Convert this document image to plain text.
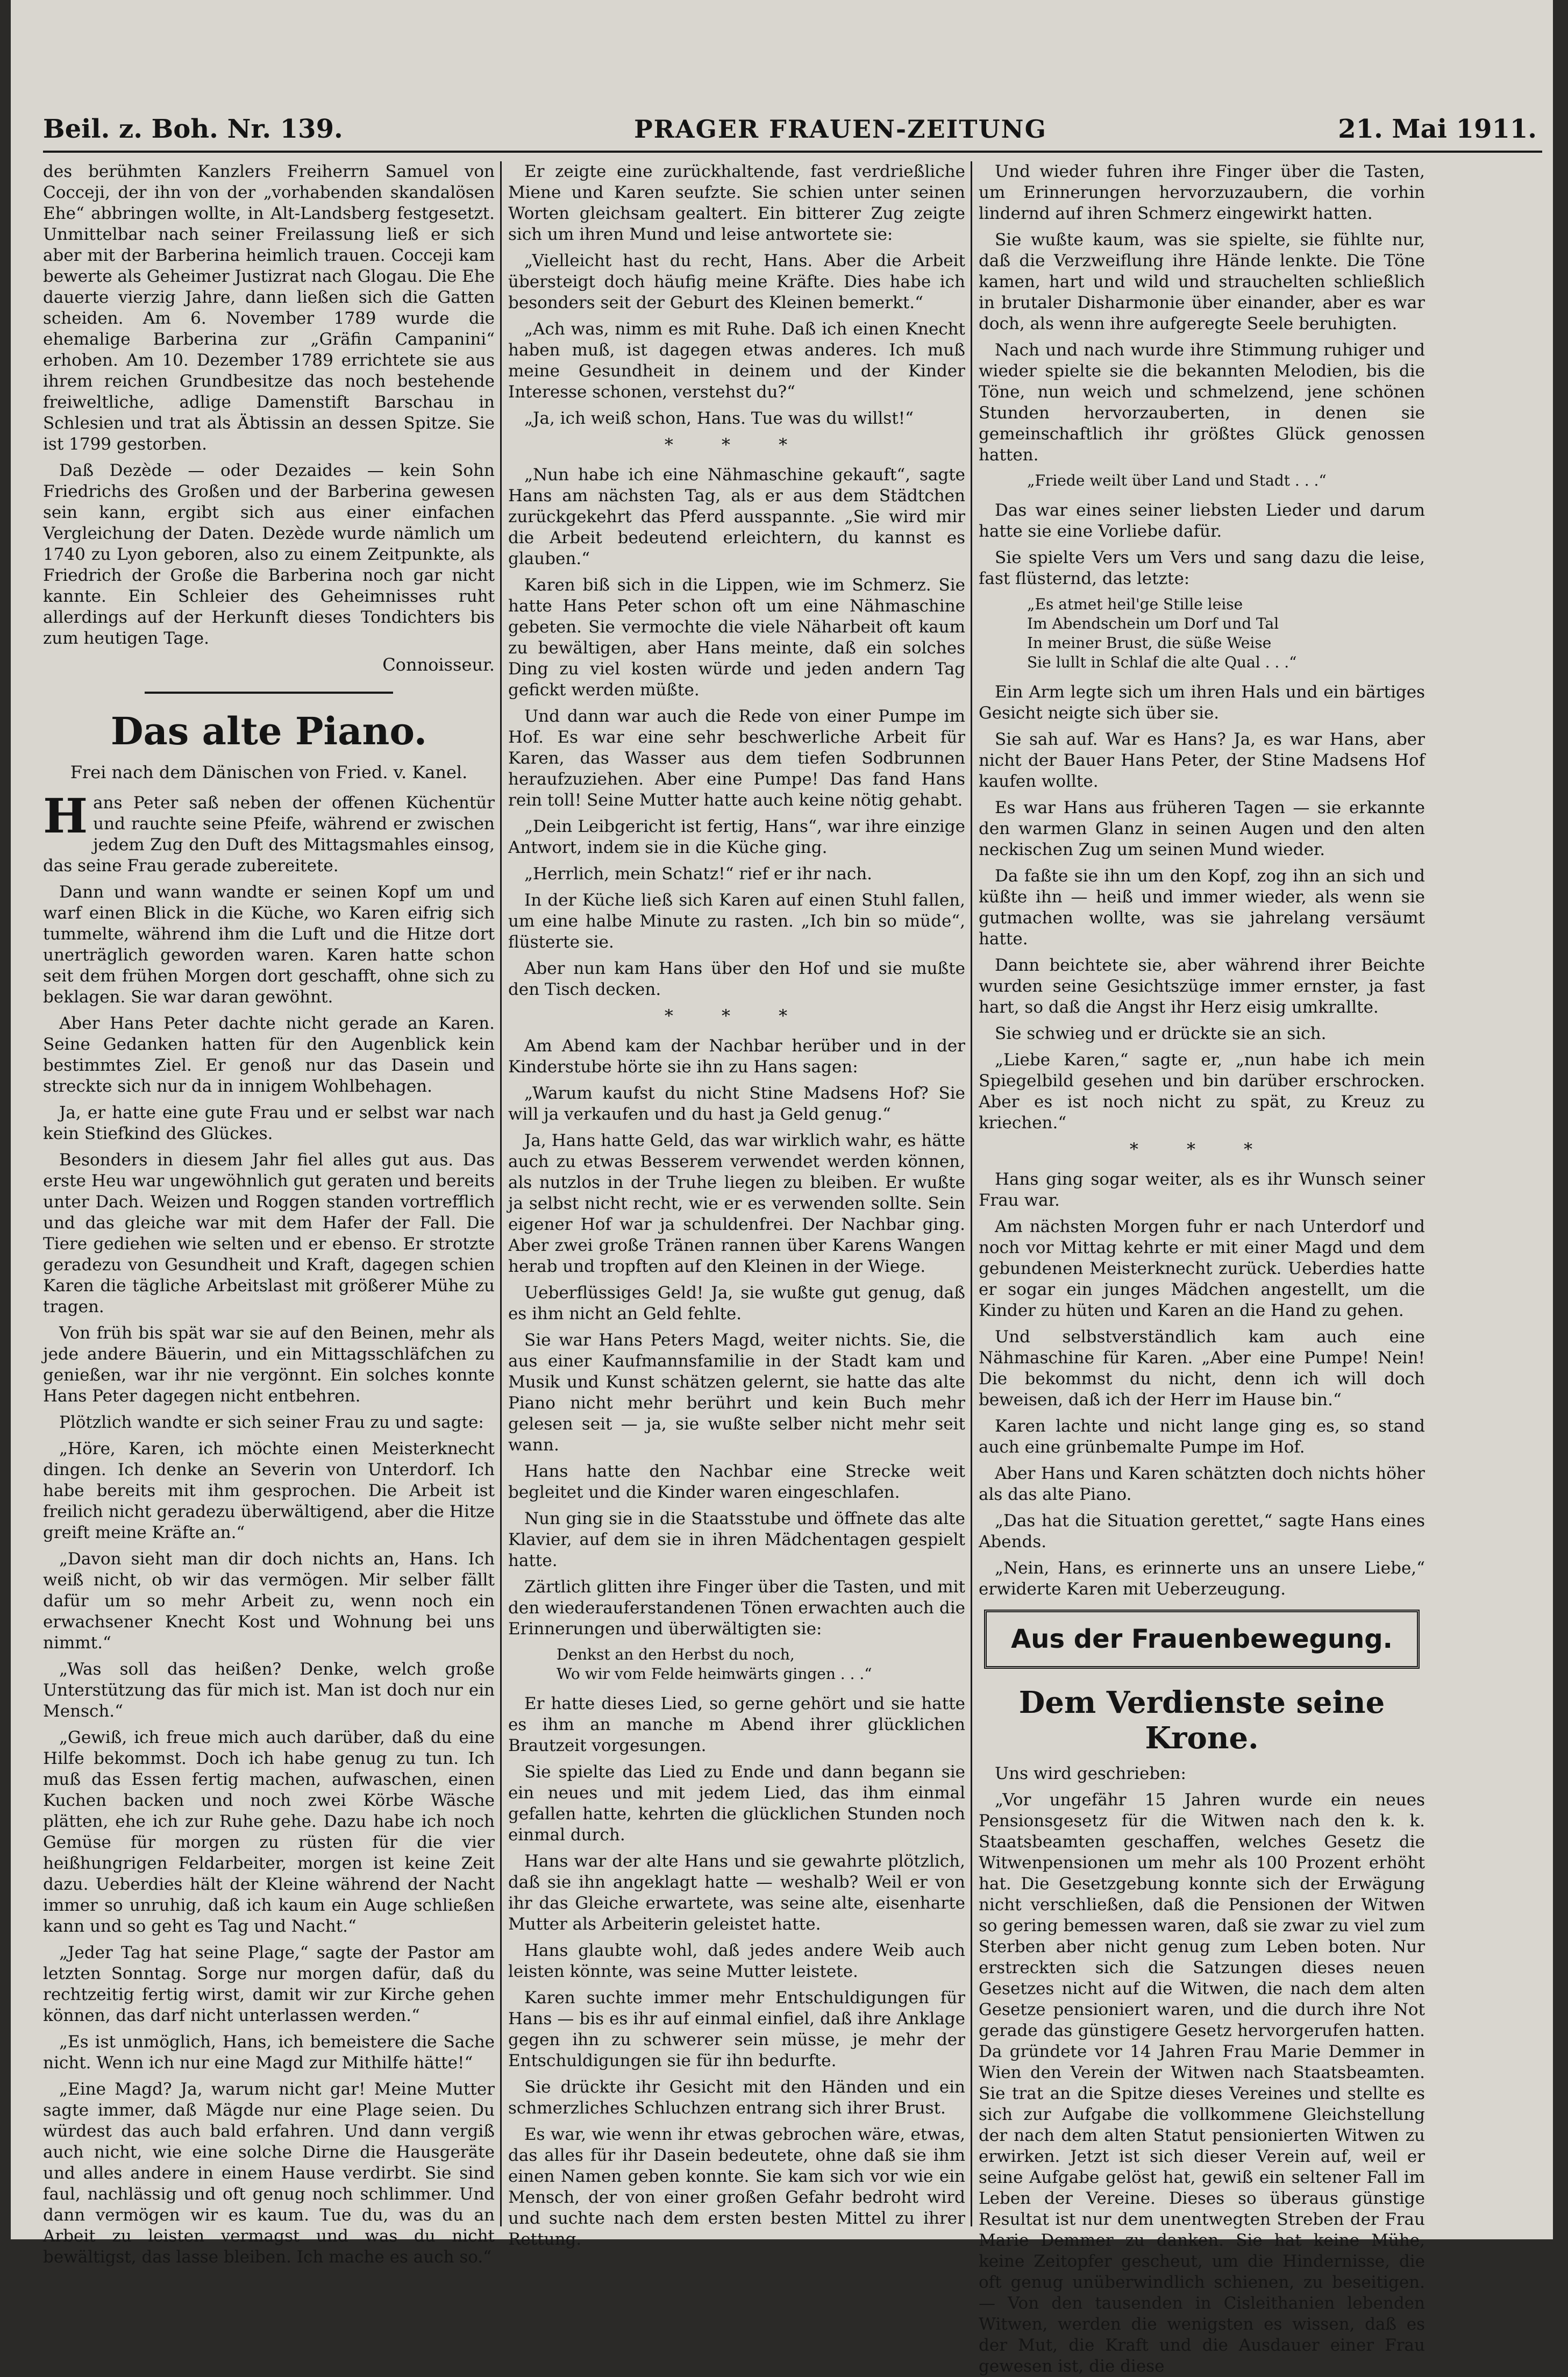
Beil. z. Boh. Nr. 139.	PRAGER FRAUEN-ZEITUNG	21. Mai 1911.

des berühmten Kanzlers Freiherrn Samuel von Cocceji, der ihn von der „vorhabenden skandalösen Ehe“ abbringen wollte, in Alt-Landsberg festgesetzt. Unmittelbar nach seiner Freilassung ließ er sich aber mit der Barberina heimlich trauen. Cocceji kam bewerte als Geheimer Justizrat nach Glogau. Die Ehe dauerte vierzig Jahre, dann ließen sich die Gatten scheiden. Am 6. November 1789 wurde die ehemalige Barberina zur „Gräfin Campanini“ erhoben. Am 10. Dezember 1789 errichtete sie aus ihrem reichen Grundbesitze das noch bestehende freiweltliche, adlige Damenstift Barschau in Schlesien und trat als Äbtissin an dessen Spitze. Sie ist 1799 gestorben.

Daß Dezède — oder Dezaides — kein Sohn Friedrichs des Großen und der Barberina gewesen sein kann, ergibt sich aus einer einfachen Vergleichung der Daten. Dezède wurde nämlich um 1740 zu Lyon geboren, also zu einem Zeitpunkte, als Friedrich der Große die Barberina noch gar nicht kannte. Ein Schleier des Geheimnisses ruht allerdings auf der Herkunft dieses Tondichters bis zum heutigen Tage.

Connoisseur.

Das alte Piano.

Frei nach dem Dänischen von Fried. v. Kanel.

Hans Peter saß neben der offenen Küchentür und rauchte seine Pfeife, während er zwischen jedem Zug den Duft des Mittagsmahles einsog, das seine Frau gerade zubereitete.

Dann und wann wandte er seinen Kopf um und warf einen Blick in die Küche, wo Karen eifrig sich tummelte, während ihm die Luft und die Hitze dort unerträglich geworden waren. Karen hatte schon seit dem frühen Morgen dort geschafft, ohne sich zu beklagen. Sie war daran gewöhnt.

Aber Hans Peter dachte nicht gerade an Karen. Seine Gedanken hatten für den Augenblick kein bestimmtes Ziel. Er genoß nur das Dasein und streckte sich nur da in innigem Wohlbehagen.

Ja, er hatte eine gute Frau und er selbst war nach kein Stiefkind des Glückes.

Besonders in diesem Jahr fiel alles gut aus. Das erste Heu war ungewöhnlich gut geraten und bereits unter Dach. Weizen und Roggen standen vortrefflich und das gleiche war mit dem Hafer der Fall. Die Tiere gediehen wie selten und er ebenso. Er strotzte geradezu von Gesundheit und Kraft, dagegen schien Karen die tägliche Arbeitslast mit größerer Mühe zu tragen.

Von früh bis spät war sie auf den Beinen, mehr als jede andere Bäuerin, und ein Mittagsschläfchen zu genießen, war ihr nie vergönnt. Ein solches konnte Hans Peter dagegen nicht entbehren.

Plötzlich wandte er sich seiner Frau zu und sagte:

„Höre, Karen, ich möchte einen Meisterknecht dingen. Ich denke an Severin von Unterdorf. Ich habe bereits mit ihm gesprochen. Die Arbeit ist freilich nicht geradezu überwältigend, aber die Hitze greift meine Kräfte an.“

„Davon sieht man dir doch nichts an, Hans. Ich weiß nicht, ob wir das vermögen. Mir selber fällt dafür um so mehr Arbeit zu, wenn noch ein erwachsener Knecht Kost und Wohnung bei uns nimmt.“

„Was soll das heißen? Denke, welch große Unterstützung das für mich ist. Man ist doch nur ein Mensch.“

„Gewiß, ich freue mich auch darüber, daß du eine Hilfe bekommst. Doch ich habe genug zu tun. Ich muß das Essen fertig machen, aufwaschen, einen Kuchen backen und noch zwei Körbe Wäsche plätten, ehe ich zur Ruhe gehe. Dazu habe ich noch Gemüse für morgen zu rüsten für die vier heißhungrigen Feldarbeiter, morgen ist keine Zeit dazu. Ueberdies hält der Kleine während der Nacht immer so unruhig, daß ich kaum ein Auge schließen kann und so geht es Tag und Nacht.“

„Jeder Tag hat seine Plage,“ sagte der Pastor am letzten Sonntag. Sorge nur morgen dafür, daß du rechtzeitig fertig wirst, damit wir zur Kirche gehen können, das darf nicht unterlassen werden.“

„Es ist unmöglich, Hans, ich bemeistere die Sache nicht. Wenn ich nur eine Magd zur Mithilfe hätte!“

„Eine Magd? Ja, warum nicht gar! Meine Mutter sagte immer, daß Mägde nur eine Plage seien. Du würdest das auch bald erfahren. Und dann vergiß auch nicht, wie eine solche Dirne die Hausgeräte und alles andere in einem Hause verdirbt. Sie sind faul, nachlässig und oft genug noch schlimmer. Und dann vermögen wir es kaum. Tue du, was du an Arbeit zu leisten vermagst und was du nicht bewältigst, das lasse bleiben. Ich mache es auch so.“

Er zeigte eine zurückhaltende, fast verdrießliche Miene und Karen seufzte. Sie schien unter seinen Worten gleichsam gealtert. Ein bitterer Zug zeigte sich um ihren Mund und leise antwortete sie:

„Vielleicht hast du recht, Hans. Aber die Arbeit übersteigt doch häufig meine Kräfte. Dies habe ich besonders seit der Geburt des Kleinen bemerkt.“

„Ach was, nimm es mit Ruhe. Daß ich einen Knecht haben muß, ist dagegen etwas anderes. Ich muß meine Gesundheit in deinem und der Kinder Interesse schonen, verstehst du?“

„Ja, ich weiß schon, Hans. Tue was du willst!“

* * *

„Nun habe ich eine Nähmaschine gekauft“, sagte Hans am nächsten Tag, als er aus dem Städtchen zurückgekehrt das Pferd ausspannte. „Sie wird mir die Arbeit bedeutend erleichtern, du kannst es glauben.“

Karen biß sich in die Lippen, wie im Schmerz. Sie hatte Hans Peter schon oft um eine Nähmaschine gebeten. Sie vermochte die viele Näharbeit oft kaum zu bewältigen, aber Hans meinte, daß ein solches Ding zu viel kosten würde und jeden andern Tag gefickt werden müßte.

Und dann war auch die Rede von einer Pumpe im Hof. Es war eine sehr beschwerliche Arbeit für Karen, das Wasser aus dem tiefen Sodbrunnen heraufzuziehen. Aber eine Pumpe! Das fand Hans rein toll! Seine Mutter hatte auch keine nötig gehabt.

„Dein Leibgericht ist fertig, Hans“, war ihre einzige Antwort, indem sie in die Küche ging.

„Herrlich, mein Schatz!“ rief er ihr nach.

In der Küche ließ sich Karen auf einen Stuhl fallen, um eine halbe Minute zu rasten. „Ich bin so müde“, flüsterte sie.

Aber nun kam Hans über den Hof und sie mußte den Tisch decken.

* * *

Am Abend kam der Nachbar herüber und in der Kinderstube hörte sie ihn zu Hans sagen:

„Warum kaufst du nicht Stine Madsens Hof? Sie will ja verkaufen und du hast ja Geld genug.“

Ja, Hans hatte Geld, das war wirklich wahr, es hätte auch zu etwas Besserem verwendet werden können, als nutzlos in der Truhe liegen zu bleiben. Er wußte ja selbst nicht recht, wie er es verwenden sollte. Sein eigener Hof war ja schuldenfrei. Der Nachbar ging. Aber zwei große Tränen rannen über Karens Wangen herab und tropften auf den Kleinen in der Wiege.

Ueberflüssiges Geld! Ja, sie wußte gut genug, daß es ihm nicht an Geld fehlte.

Sie war Hans Peters Magd, weiter nichts. Sie, die aus einer Kaufmannsfamilie in der Stadt kam und Musik und Kunst schätzen gelernt, sie hatte das alte Piano nicht mehr berührt und kein Buch mehr gelesen seit — ja, sie wußte selber nicht mehr seit wann.

Hans hatte den Nachbar eine Strecke weit begleitet und die Kinder waren eingeschlafen.

Nun ging sie in die Staatsstube und öffnete das alte Klavier, auf dem sie in ihren Mädchentagen gespielt hatte.

Zärtlich glitten ihre Finger über die Tasten, und mit den wiederauferstandenen Tönen erwachten auch die Erinnerungen und überwältigten sie:

Denkst an den Herbst du noch,
Wo wir vom Felde heimwärts gingen . . .“

Er hatte dieses Lied, so gerne gehört und sie hatte es ihm an manche m Abend ihrer glücklichen Brautzeit vorgesungen.

Sie spielte das Lied zu Ende und dann begann sie ein neues und mit jedem Lied, das ihm einmal gefallen hatte, kehrten die glücklichen Stunden noch einmal durch.

Hans war der alte Hans und sie gewahrte plötzlich, daß sie ihn angeklagt hatte — weshalb? Weil er von ihr das Gleiche erwartete, was seine alte, eisenharte Mutter als Arbeiterin geleistet hatte.

Hans glaubte wohl, daß jedes andere Weib auch leisten könnte, was seine Mutter leistete.

Karen suchte immer mehr Entschuldigungen für Hans — bis es ihr auf einmal einfiel, daß ihre Anklage gegen ihn zu schwerer sein müsse, je mehr der Entschuldigungen sie für ihn bedurfte.

Sie drückte ihr Gesicht mit den Händen und ein schmerzliches Schluchzen entrang sich ihrer Brust.

Es war, wie wenn ihr etwas gebrochen wäre, etwas, das alles für ihr Dasein bedeutete, ohne daß sie ihm einen Namen geben konnte. Sie kam sich vor wie ein Mensch, der von einer großen Gefahr bedroht wird und suchte nach dem ersten besten Mittel zu ihrer Rettung.

Und wieder fuhren ihre Finger über die Tasten, um Erinnerungen hervorzuzaubern, die vorhin lindernd auf ihren Schmerz eingewirkt hatten.

Sie wußte kaum, was sie spielte, sie fühlte nur, daß die Verzweiflung ihre Hände lenkte. Die Töne kamen, hart und wild und strauchelten schließlich in brutaler Disharmonie über einander, aber es war doch, als wenn ihre aufgeregte Seele beruhigten.

Nach und nach wurde ihre Stimmung ruhiger und wieder spielte sie die bekannten Melodien, bis die Töne, nun weich und schmelzend, jene schönen Stunden hervorzauberten, in denen sie gemeinschaftlich ihr größtes Glück genossen hatten.

„Friede weilt über Land und Stadt . . .“

Das war eines seiner liebsten Lieder und darum hatte sie eine Vorliebe dafür.

Sie spielte Vers um Vers und sang dazu die leise, fast flüsternd, das letzte:

„Es atmet heil'ge Stille leise
Im Abendschein um Dorf und Tal
In meiner Brust, die süße Weise
Sie lullt in Schlaf die alte Qual . . .“

Ein Arm legte sich um ihren Hals und ein bärtiges Gesicht neigte sich über sie.

Sie sah auf. War es Hans? Ja, es war Hans, aber nicht der Bauer Hans Peter, der Stine Madsens Hof kaufen wollte.

Es war Hans aus früheren Tagen — sie erkannte den warmen Glanz in seinen Augen und den alten neckischen Zug um seinen Mund wieder.

Da faßte sie ihn um den Kopf, zog ihn an sich und küßte ihn — heiß und immer wieder, als wenn sie gutmachen wollte, was sie jahrelang versäumt hatte.

Dann beichtete sie, aber während ihrer Beichte wurden seine Gesichtszüge immer ernster, ja fast hart, so daß die Angst ihr Herz eisig umkrallte.

Sie schwieg und er drückte sie an sich.

„Liebe Karen,“ sagte er, „nun habe ich mein Spiegelbild gesehen und bin darüber erschrocken. Aber es ist noch nicht zu spät, zu Kreuz zu kriechen.“

* * *

Hans ging sogar weiter, als es ihr Wunsch seiner Frau war.

Am nächsten Morgen fuhr er nach Unterdorf und noch vor Mittag kehrte er mit einer Magd und dem gebundenen Meisterknecht zurück. Ueberdies hatte er sogar ein junges Mädchen angestellt, um die Kinder zu hüten und Karen an die Hand zu gehen.

Und selbstverständlich kam auch eine Nähmaschine für Karen. „Aber eine Pumpe! Nein! Die bekommst du nicht, denn ich will doch beweisen, daß ich der Herr im Hause bin.“

Karen lachte und nicht lange ging es, so stand auch eine grünbemalte Pumpe im Hof.

Aber Hans und Karen schätzten doch nichts höher als das alte Piano.

„Das hat die Situation gerettet,“ sagte Hans eines Abends.

„Nein, Hans, es erinnerte uns an unsere Liebe,“ erwiderte Karen mit Ueberzeugung.

Aus der Frauenbewegung.
Dem Verdienste seine Krone.

Uns wird geschrieben:

„Vor ungefähr 15 Jahren wurde ein neues Pensionsgesetz für die Witwen nach den k. k. Staatsbeamten geschaffen, welches Gesetz die Witwenpensionen um mehr als 100 Prozent erhöht hat. Die Gesetzgebung konnte sich der Erwägung nicht verschließen, daß die Pensionen der Witwen so gering bemessen waren, daß sie zwar zu viel zum Sterben aber nicht genug zum Leben boten. Nur erstreckten sich die Satzungen dieses neuen Gesetzes nicht auf die Witwen, die nach dem alten Gesetze pensioniert waren, und die durch ihre Not gerade das günstigere Gesetz hervorgerufen hatten. Da gründete vor 14 Jahren Frau Marie Demmer in Wien den Verein der Witwen nach Staatsbeamten. Sie trat an die Spitze dieses Vereines und stellte es sich zur Aufgabe die vollkommene Gleichstellung der nach dem alten Statut pensionierten Witwen zu erwirken. Jetzt ist sich dieser Verein auf, weil er seine Aufgabe gelöst hat, gewiß ein seltener Fall im Leben der Vereine. Dieses so überaus günstige Resultat ist nur dem unentwegten Streben der Frau Marie Demmer zu danken. Sie hat keine Mühe, keine Zeitopfer gescheut, um die Hindernisse, die oft genug unüberwindlich schienen, zu beseitigen. — Von den tausenden in Cisleithanien lebenden Witwen, werden die wenigsten es wissen, daß es der Mut, die Kraft und die Ausdauer einer Frau gewesen ist, die diese
